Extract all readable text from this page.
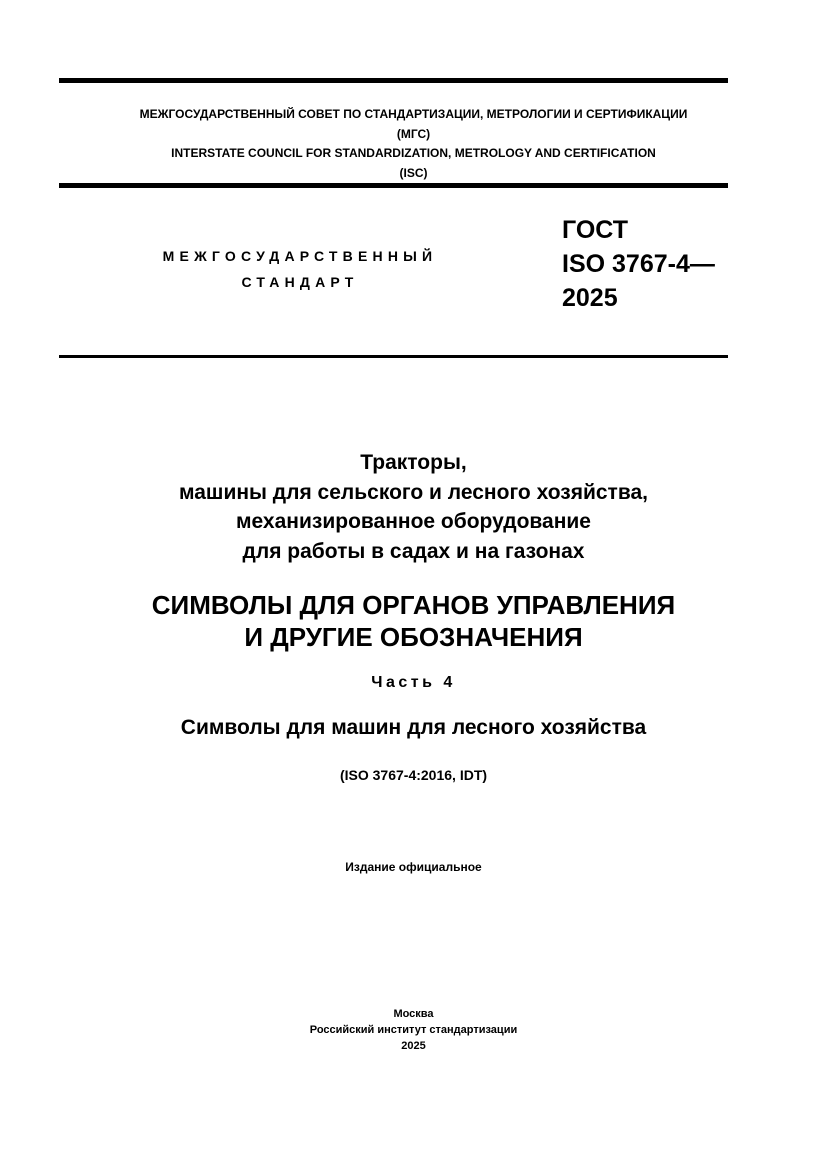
МЕЖГОСУДАРСТВЕННЫЙ СОВЕТ ПО СТАНДАРТИЗАЦИИ, МЕТРОЛОГИИ И СЕРТИФИКАЦИИ
(МГС)
INTERSTATE COUNCIL FOR STANDARDIZATION, METROLOGY AND CERTIFICATION
(ISC)
МЕЖГОСУДАРСТВЕННЫЙ
СТАНДАРТ
ГОСТ
ISO 3767-4—
2025
Тракторы,
машины для сельского и лесного хозяйства,
механизированное оборудование
для работы в садах и на газонах
СИМВОЛЫ ДЛЯ ОРГАНОВ УПРАВЛЕНИЯ
И ДРУГИЕ ОБОЗНАЧЕНИЯ
Часть 4
Символы для машин для лесного хозяйства
(ISO 3767-4:2016, IDT)
Издание официальное
Москва
Российский институт стандартизации
2025
